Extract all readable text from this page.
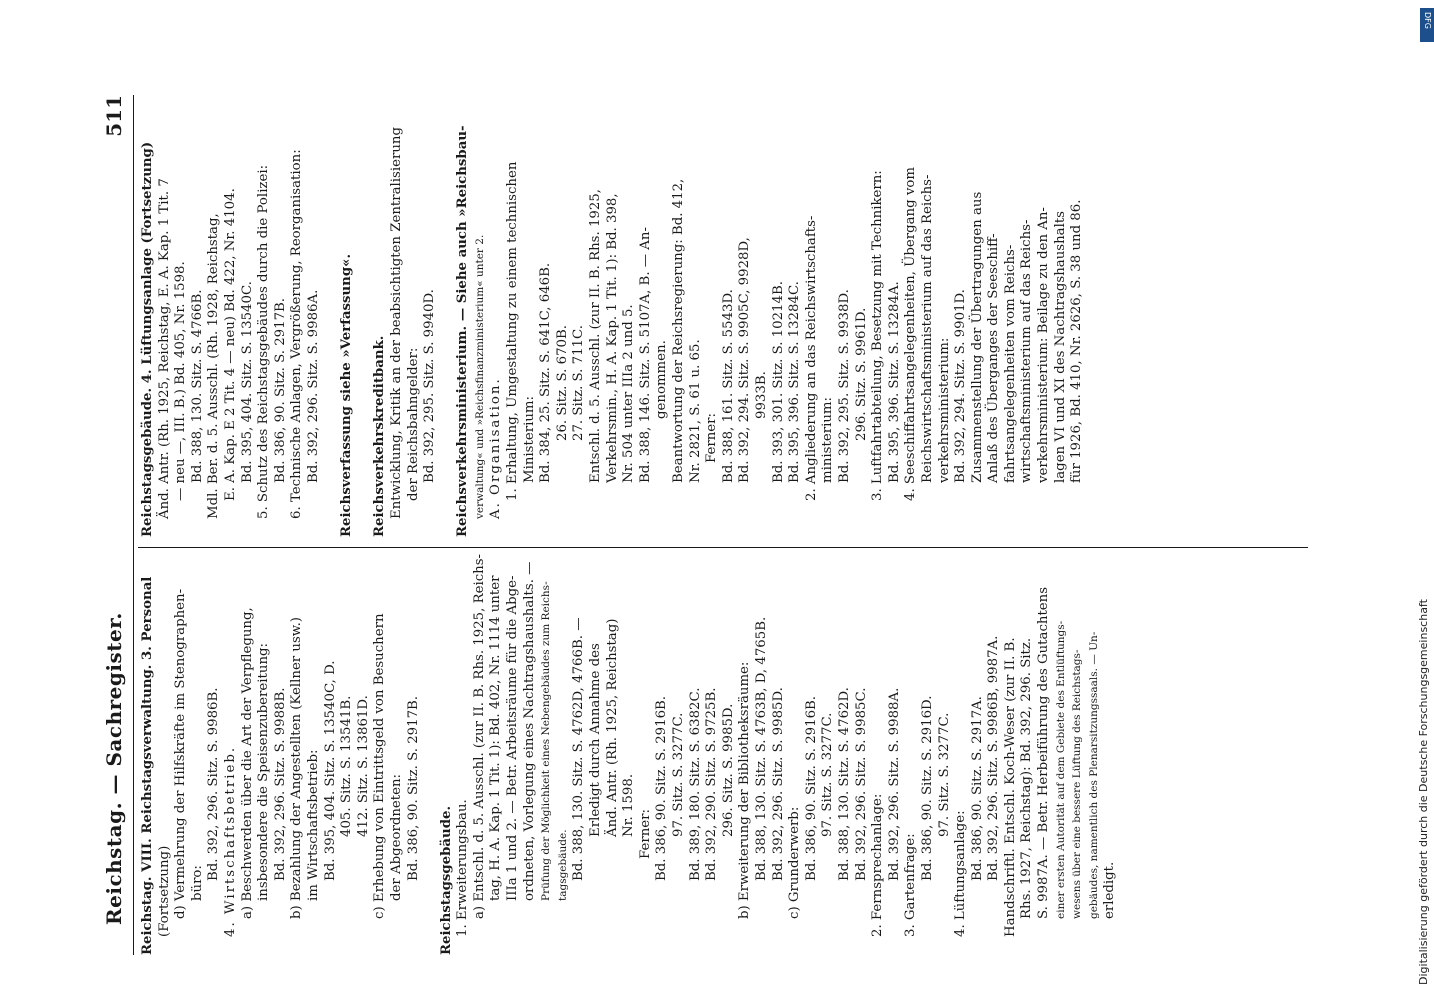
Reichstag. — Sachregister.
511
Reichstag. VIII. Reichstagsverwaltung. 3. Personal (Fortsetzung) d) Vermehrung der Hilfskräfte im Stenographen- büro:
Bd. 392, 296. Sitz. S. 9986B. 4. Wirtschaftsbetrieb. a) Beschwerden über die Art der Verpflegung, insbesondere die Speisenzubereitung: Bd. 392, 296. Sitz. S. 9988B. b) Bezahlung der Angestellten (Kellner usw.) im Wirtschaftsbetrieb: Bd. 395, 404. Sitz. S. 13540C, D. 405. Sitz. S. 13541B. 412. Sitz. S. 13861D. c) Erhebung von Eintrittsgeld von Besuchern der Abgeordneten: Bd. 386, 90. Sitz. S. 2917B. Reichstagsgebäude. 1. Erweiterungsbau. a) Entschl. d. 5. Ausschl. (zur II. B. Rhs. 1925, Reichs- tag, H. A. Kap. 1 Tit. 1): Bd. 402, Nr. 1114 unter IIIa 1 und 2. — Betr. Arbeitsräume für die Abge- ordneten, Vorlegung eines Nachtragshaushalts. — Prüfung der Möglichkeit eines Nebengebäudes zum Reichs- tagsgebäude. Bd. 388, 130. Sitz. S. 4762D, 4766B. — Erledigt durch Annahme des Änd. Antr. (Rh. 1925, Reichstag) Nr. 1598. Ferner: Bd. 386, 90. Sitz. S. 2916B. 97. Sitz. S. 3277C. Bd. 389, 180. Sitz. S. 6382C. Bd. 392, 290. Sitz. S. 9725B. 296. Sitz. S. 9985D. b) Erweiterung der Bibliotheksräume: Bd. 388, 130. Sitz. S. 4763B, D, 4765B. Bd. 392, 296. Sitz. S. 9985D. c) Grunderwerb: Bd. 386, 90. Sitz. S. 2916B. 97. Sitz. S. 3277C. Bd. 388, 130. Sitz. S. 4762D. Bd. 392, 296. Sitz. S. 9985C. 2. Fernsprechanlage: Bd. 392, 296. Sitz. S. 9988A.
3. Gartenfrage:
Bd. 386, 90. Sitz. S. 2916D. 97. Sitz. S. 3277C.
4. Lüftungsanlage: Bd. 386, 90. Sitz. S. 2917A. Bd. 392, 296. Sitz. S. 9986B, 9987A. Handschriftl. Entschl. Koch-Weser (zur II. B. Rhs. 1927, Reichstag): Bd. 392, 296. Sitz. S. 9987A. — Betr. Herbeiführung des Gutachtens einer ersten Autorität auf dem Gebiete des Entlüftungs- wesens über eine bessere Lüftung des Reichstags- gebäudes, namentlich des Plenarsitzungssaals. — Un- erledigt.
Reichstagsgebäude. 4. Lüftungsanlage (Fortsetzung) Änd. Antr. (Rh. 1925, Reichstag, E. A. Kap. 1 Tit. 7 — neu —, III. B.) Bd. 405, Nr. 1598. Bd. 388, 130. Sitz. S. 4766B. Mdl. Ber. d. 5. Ausschl. (Rh. 1928, Reichstag, E. A. Kap. E 2 Tit. 4 — neu) Bd. 422, Nr. 4104. Bd. 395, 404. Sitz. S. 13540C. 5. Schutz des Reichstagsgebäudes durch die Polizei: Bd. 386, 90. Sitz. S. 2917B. 6. Technische Anlagen, Vergrößerung, Reorganisation: Bd. 392, 296. Sitz. S. 9986A. Reichsverfassung siehe »Verfassung«. Reichsverkehrskreditbank. Entwicklung, Kritik an der beabsichtigten Zentralisierung der Reichsbahngelder: Bd. 392, 295. Sitz. S. 9940D. Reichsverkehrsministerium. — Siehe auch »Reichsbau- verwaltung« und »Reichsfinanzministerium« unter 2. A. Organisation. 1. Erhaltung, Umgestaltung zu einem technischen Ministerium: Bd. 384, 25. Sitz. S. 641C, 646B. 26. Sitz. S. 670B. 27. Sitz. S. 711C. Entschl. d. 5. Ausschl. (zur II. B. Rhs. 1925, Verkehrsmin., H. A. Kap. 1 Tit. 1): Bd. 398, Nr. 504 unter IIIa 2 und 5. Bd. 388, 146. Sitz. S. 5107A, B. — An- genommen. Beantwortung der Reichsregierung: Bd. 412, Nr. 2821, S. 61 u. 65. Ferner: Bd. 388, 161. Sitz. S. 5543D. Bd. 392, 294. Sitz. S. 9905C, 9928D, 9933B. Bd. 393, 301. Sitz. S. 10214B. Bd. 395, 396. Sitz. S. 13284C. 2. Angliederung an das Reichswirtschafts- ministerium: Bd. 392, 295. Sitz. S. 9938D. 296. Sitz. S. 9961D. 3. Luftfahrtabteilung, Besetzung mit Technikern: Bd. 395, 396. Sitz. S. 13284A. 4. Seeschiffahrtsangelegenheiten, Übergang vom Reichswirtschaftsministerium auf das Reichs- verkehrsministerium: Bd. 392, 294. Sitz. S. 9901D. Zusammenstellung der Übertragungen aus Anlaß des Überganges der Seeschiff- fahrtsangelegenheiten vom Reichs- wirtschaftsministerium auf das Reichs- verkehrsministerium: Beilage zu den An- lagen VI und XI des Nachtragshaushalts für 1926, Bd. 410, Nr. 2626, S. 38 und 86.
Digitalisierung gefördert durch die Deutsche Forschungsgemeinschaft
DFG
